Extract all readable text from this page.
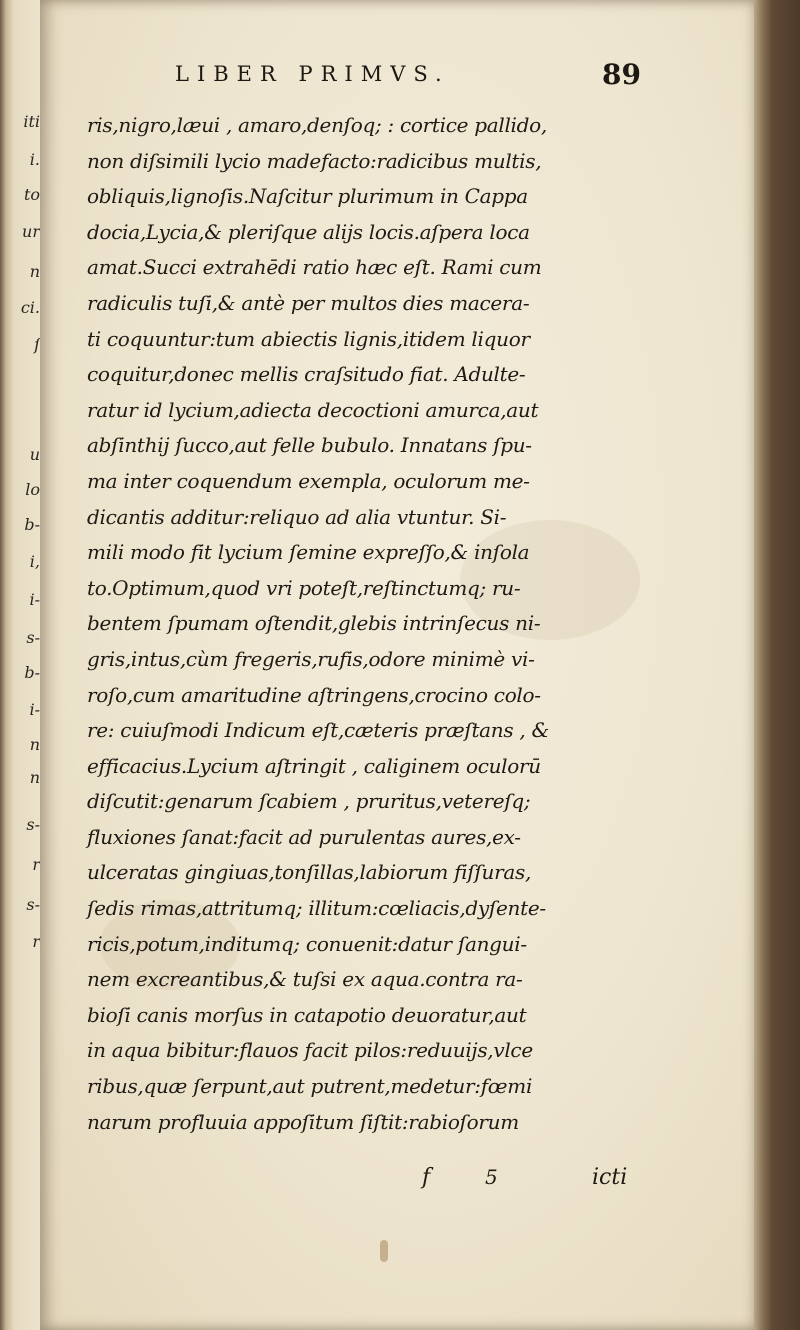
iti
i.
to
ur
n
ci.
ſ
u
lo
b-
i,
i-
s-
b-
i-
n
n
s-
r
s-
r
LIBER PRIMVS.	89
ris,nigro,læui , amaro,denſoq; : cortice pallido,
non diſsimili lycio madefacto:radicibus multis,
obliquis,lignoſis.Naſcitur plurimum in Cappa
docia,Lycia,& pleriſque alijs locis.aſpera loca
amat.Succi extrahēdi ratio hæc eſt. Rami cum
radiculis tuſi,& antè per multos dies macera-
ti coquuntur:tum abiectis lignis,itidem liquor
coquitur,donec mellis craſsitudo fiat. Adulte-
ratur id lycium,adiecta decoctioni amurca,aut
abſinthij ſucco,aut felle bubulo. Innatans ſpu-
ma inter coquendum exempla, oculorum me-
dicantis additur:reliquo ad alia vtuntur. Si-
mili modo fit lycium ſemine expreſſo,& inſola
to.Optimum,quod vri poteſt,reſtinctumq; ru-
bentem ſpumam oſtendit,glebis intrinſecus ni-
gris,intus,cùm fregeris,rufis,odore minimè vi-
roſo,cum amaritudine aſtringens,crocino colo-
re: cuiuſmodi Indicum eſt,cæteris præſtans , &
efficacius.Lycium aſtringit , caliginem oculorū
diſcutit:genarum ſcabiem , pruritus,vetereſq;
fluxiones ſanat:facit ad purulentas aures,ex-
ulceratas gingiuas,tonſillas,labiorum fiſſuras,
ſedis rimas,attritumq; illitum:cœliacis,dyſente-
ricis,potum,inditumq; conuenit:datur ſangui-
nem excreantibus,& tuſsi ex aqua.contra ra-
bioſi canis morſus in catapotio deuoratur,aut
in aqua bibitur:flauos facit pilos:reduuijs,vlce
ribus,quæ ſerpunt,aut putrent,medetur:fœmi
narum profluuia appoſitum ſiſtit:rabioſorum
f	5	icti
